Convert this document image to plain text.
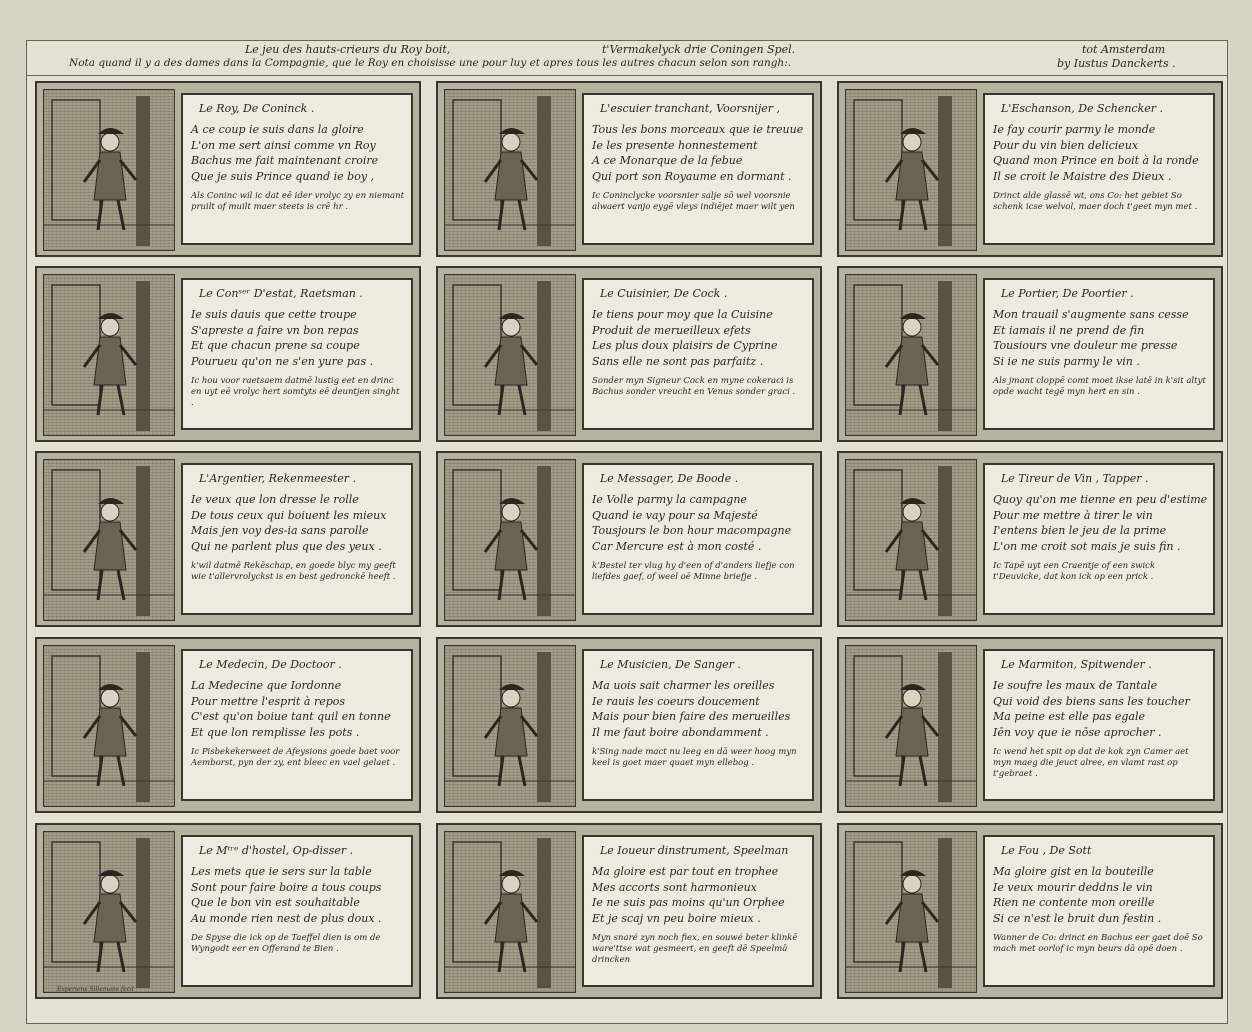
Le jeu des hauts-crieurs du Roy boit,	t'Vermakelyck drie Coningen Spel.	tot Amsterdam
Nota quand il y a des dames dans la Compagnie, que le Roy en choisisse une pour luy et apres tous les autres chacun selon son rangh:.	by Iustus Danckerts .
Le Roy, De Coninck .
A ce coup ie suis dans la gloire
L'on me sert ainsi comme vn Roy
Bachus me fait maintenant croire
Que je suis Prince quand ie boy ,
Als Coninc wil ic dat eē ider vrolyc zy en niemant pruilt of muilt maer steets is crē hr .
L'escuier tranchant, Voorsnijer ,
Tous les bons morceaux que ie treuue
Ie les presente honnestement
A ce Monarque de la febue
Qui port son Royaume en dormant .
Ic Coninclycke voorsnier salje sō wel voorsnie alwaert vanjo eygē vleys indiējet maer wilt yen
L'Eschanson, De Schencker .
Ie fay courir parmy le monde
Pour du vin bien delicieux
Quand mon Prince en boit à la ronde
Il se croit le Maistre des Dieux .
Drinct alde glassē wt, ons Co: het gebiet So schenk icse welvol, maer doch t'geet myn met .
Le Conˢᵉʳ D'estat, Raetsman .
Ie suis dauis que cette troupe
S'apreste a faire vn bon repas
Et que chacun prene sa coupe
Pourueu qu'on ne s'en yure pas .
Ic hou voor raetsaem datmē lustig eet en drinc en uyt eē vrolyc hert somtyts eē deuntjen singht .
Le Cuisinier, De Cock .
Ie tiens pour moy que la Cuisine
Produit de merueilleux efets
Les plus doux plaisirs de Cyprine
Sans elle ne sont pas parfaitz .
Sonder myn Signeur Cock en myne cokeraci is Bachus sonder vreucht en Venus sonder graci .
Le Portier, De Poortier .
Mon trauail s'augmente sans cesse
Et iamais il ne prend de fin
Tousiours vne douleur me presse
Si ie ne suis parmy le vin .
Als jmant cloppē comt moet ikse latē in k'sit altyt opde wacht tegē myn hert en sin .
L'Argentier, Rekenmeester .
Ie veux que lon dresse le rolle
De tous ceux qui boiuent les mieux
Mais jen voy des-ia sans parolle
Qui ne parlent plus que des yeux .
k'wil datmē Rekēschap, en goede blyc my geeft wie t'allervrolyckst is en best gedronckē heeft .
Le Messager, De Boode .
Ie Volle parmy la campagne
Quand ie vay pour sa Majesté
Tousjours le bon hour macompagne
Car Mercure est à mon costé .
k'Bestel ter vlug hy d'een of d'anders liefje con liefdes gaef, of weel oē Minne briefje .
Le Tireur de Vin , Tapper .
Quoy qu'on me tienne en peu d'estime
Pour me mettre à tirer le vin
I'entens bien le jeu de la prime
L'on me croit sot mais je suis fin .
Ic Tapē uyt een Craentje of een swick t'Deuvicke, dat kon ick op een prick .
Le Medecin, De Doctoor .
La Medecine que Iordonne
Pour mettre l'esprit à repos
C'est qu'on boiue tant quil en tonne
Et que lon remplisse les pots .
Ic Pisbekekerweet de Afeysions goede baet voor Aemborst, pyn der zy, ent bleec en vael gelaet .
Le Musicien, De Sanger .
Ma uois sait charmer les oreilles
Ie rauis les coeurs doucement
Mais pour bien faire des merueilles
Il me faut boire abondamment .
k'Sing nade mact nu leeg en dā weer hoog myn keel is goet maer quaet myn ellebog .
Le Marmiton, Spitwender .
Ie soufre les maux de Tantale
Qui void des biens sans les toucher
Ma peine est elle pas egale
Iēn voy que ie nōse aprocher .
Ic wend het spit op dat de kok zyn Camer aet myn maeg die jeuct alree, en vlamt rast op t'gebraet .
Le Mᵗʳᵉ d'hostel, Op-disser .
Les mets que ie sers sur la table
Sont pour faire boire a tous coups
Que le bon vin est souhaitable
Au monde rien nest de plus doux .
De Spyse die ick op de Taeffel dien is om de Wyngodt eer en Offerand te Bien .
Experiens Sillemans fecit
Le Ioueur dinstrument, Speelman
Ma gloire est par tout en trophee
Mes accorts sont harmonieux
Ie ne suis pas moins qu'un Orphee
Et je scaj vn peu boire mieux .
Myn snaré zyn noch fiex, en souwé beter klinkē ware'ttse wat gesmeert, en geeft dē Speelmā drincken
Le Fou , De Sott
Ma gloire gist en la bouteille
Ie veux mourir deddns le vin
Rien ne contente mon oreille
Si ce n'est le bruit dun festin .
Wanner de Co: drinct en Bachus eer gaet doē So mach met oorlof ic myn beurs dā opē doen .
